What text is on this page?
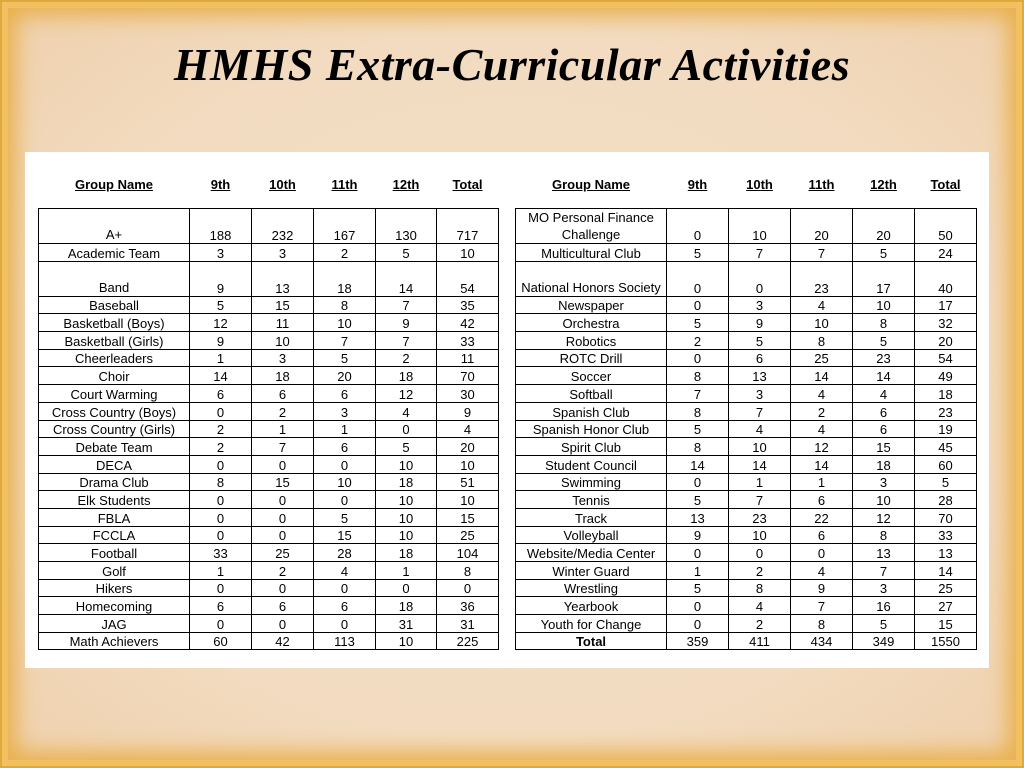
HMHS Extra-Curricular Activities
Group Name	9th	10th	11th	12th	Total

A+	188	232	167	130	717
Academic Team	3	3	2	5	10
Band	9	13	18	14	54
Baseball	5	15	8	7	35
Basketball (Boys)	12	11	10	9	42
Basketball (Girls)	9	10	7	7	33
Cheerleaders	1	3	5	2	11
Choir	14	18	20	18	70
Court Warming	6	6	6	12	30
Cross Country (Boys)	0	2	3	4	9
Cross Country (Girls)	2	1	1	0	4
Debate Team	2	7	6	5	20
DECA	0	0	0	10	10
Drama Club	8	15	10	18	51
Elk Students	0	0	0	10	10
FBLA	0	0	5	10	15
FCCLA	0	0	15	10	25
Football	33	25	28	18	104
Golf	1	2	4	1	8
Hikers	0	0	0	0	0
Homecoming	6	6	6	18	36
JAG	0	0	0	31	31
Math Achievers	60	42	113	10	225
Group Name	9th	10th	11th	12th	Total

MO Personal Finance Challenge	0	10	20	20	50
Multicultural Club	5	7	7	5	24
National Honors Society	0	0	23	17	40
Newspaper	0	3	4	10	17
Orchestra	5	9	10	8	32
Robotics	2	5	8	5	20
ROTC Drill	0	6	25	23	54
Soccer	8	13	14	14	49
Softball	7	3	4	4	18
Spanish Club	8	7	2	6	23
Spanish Honor Club	5	4	4	6	19
Spirit Club	8	10	12	15	45
Student Council	14	14	14	18	60
Swimming	0	1	1	3	5
Tennis	5	7	6	10	28
Track	13	23	22	12	70
Volleyball	9	10	6	8	33
Website/Media Center	0	0	0	13	13
Winter Guard	1	2	4	7	14
Wrestling	5	8	9	3	25
Yearbook	0	4	7	16	27
Youth for Change	0	2	8	5	15
Total	359	411	434	349	1550
